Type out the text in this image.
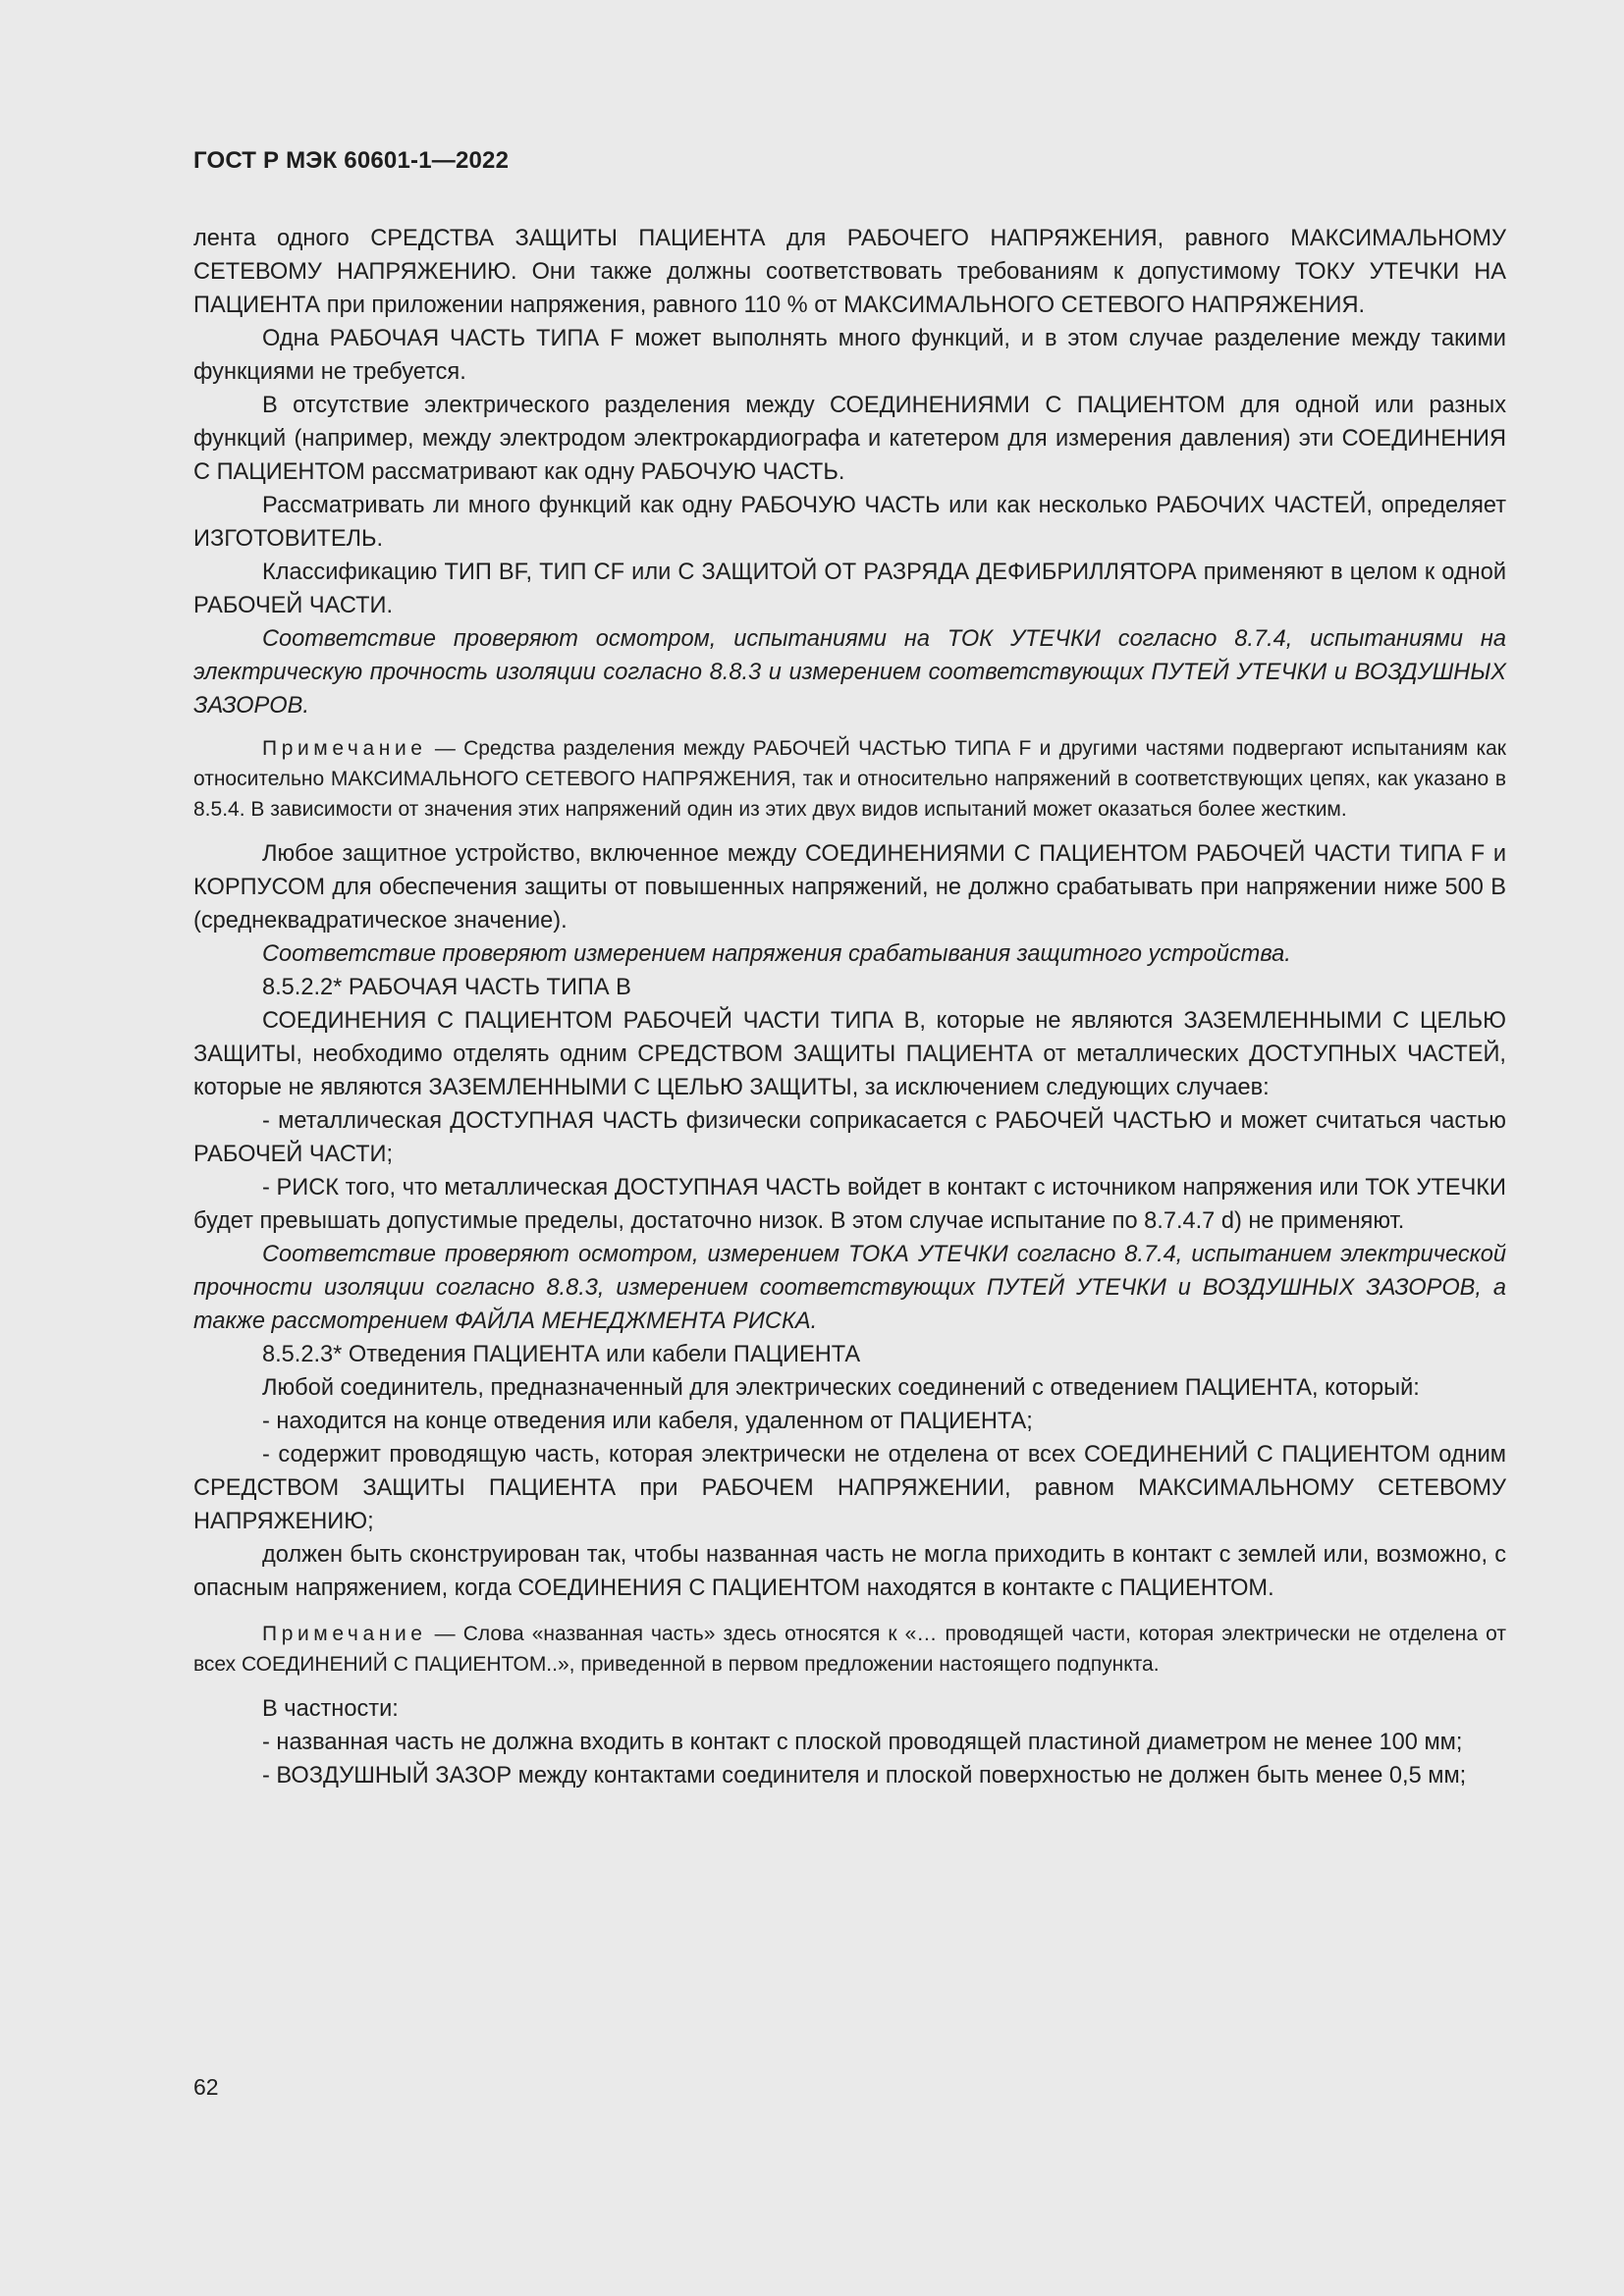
ГОСТ Р МЭК 60601-1—2022

лента одного СРЕДСТВА ЗАЩИТЫ ПАЦИЕНТА для РАБОЧЕГО НАПРЯЖЕНИЯ, равного МАКСИМАЛЬНОМУ СЕТЕВОМУ НАПРЯЖЕНИЮ. Они также должны соответствовать требованиям к допустимому ТОКУ УТЕЧКИ НА ПАЦИЕНТА при приложении напряжения, равного 110 % от МАКСИМАЛЬНОГО СЕТЕВОГО НАПРЯЖЕНИЯ.

Одна РАБОЧАЯ ЧАСТЬ ТИПА F может выполнять много функций, и в этом случае разделение между такими функциями не требуется.

В отсутствие электрического разделения между СОЕДИНЕНИЯМИ С ПАЦИЕНТОМ для одной или разных функций (например, между электродом электрокардиографа и катетером для измерения давления) эти СОЕДИНЕНИЯ С ПАЦИЕНТОМ рассматривают как одну РАБОЧУЮ ЧАСТЬ.

Рассматривать ли много функций как одну РАБОЧУЮ ЧАСТЬ или как несколько РАБОЧИХ ЧАСТЕЙ, определяет ИЗГОТОВИТЕЛЬ.

Классификацию ТИП BF, ТИП CF или С ЗАЩИТОЙ ОТ РАЗРЯДА ДЕФИБРИЛЛЯТОРА применяют в целом к одной РАБОЧЕЙ ЧАСТИ.

Соответствие проверяют осмотром, испытаниями на ТОК УТЕЧКИ согласно 8.7.4, испытаниями на электрическую прочность изоляции согласно 8.8.3 и измерением соответствующих ПУТЕЙ УТЕЧКИ и ВОЗДУШНЫХ ЗАЗОРОВ.

Примечание — Средства разделения между РАБОЧЕЙ ЧАСТЬЮ ТИПА F и другими частями подвергают испытаниям как относительно МАКСИМАЛЬНОГО СЕТЕВОГО НАПРЯЖЕНИЯ, так и относительно напряжений в соответствующих цепях, как указано в 8.5.4. В зависимости от значения этих напряжений один из этих двух видов испытаний может оказаться более жестким.

Любое защитное устройство, включенное между СОЕДИНЕНИЯМИ С ПАЦИЕНТОМ РАБОЧЕЙ ЧАСТИ ТИПА F и КОРПУСОМ для обеспечения защиты от повышенных напряжений, не должно срабатывать при напряжении ниже 500 В (среднеквадратическое значение).

Соответствие проверяют измерением напряжения срабатывания защитного устройства.

8.5.2.2* РАБОЧАЯ ЧАСТЬ ТИПА В

СОЕДИНЕНИЯ С ПАЦИЕНТОМ РАБОЧЕЙ ЧАСТИ ТИПА В, которые не являются ЗАЗЕМЛЕННЫМИ С ЦЕЛЬЮ ЗАЩИТЫ, необходимо отделять одним СРЕДСТВОМ ЗАЩИТЫ ПАЦИЕНТА от металлических ДОСТУПНЫХ ЧАСТЕЙ, которые не являются ЗАЗЕМЛЕННЫМИ С ЦЕЛЬЮ ЗАЩИТЫ, за исключением следующих случаев:

- металлическая ДОСТУПНАЯ ЧАСТЬ физически соприкасается с РАБОЧЕЙ ЧАСТЬЮ и может считаться частью РАБОЧЕЙ ЧАСТИ;

- РИСК того, что металлическая ДОСТУПНАЯ ЧАСТЬ войдет в контакт с источником напряжения или ТОК УТЕЧКИ будет превышать допустимые пределы, достаточно низок. В этом случае испытание по 8.7.4.7 d) не применяют.

Соответствие проверяют осмотром, измерением ТОКА УТЕЧКИ согласно 8.7.4, испытанием электрической прочности изоляции согласно 8.8.3, измерением соответствующих ПУТЕЙ УТЕЧКИ и ВОЗДУШНЫХ ЗАЗОРОВ, а также рассмотрением ФАЙЛА МЕНЕДЖМЕНТА РИСКА.

8.5.2.3* Отведения ПАЦИЕНТА или кабели ПАЦИЕНТА

Любой соединитель, предназначенный для электрических соединений с отведением ПАЦИЕНТА, который:

- находится на конце отведения или кабеля, удаленном от ПАЦИЕНТА;

- содержит проводящую часть, которая электрически не отделена от всех СОЕДИНЕНИЙ С ПАЦИЕНТОМ одним СРЕДСТВОМ ЗАЩИТЫ ПАЦИЕНТА при РАБОЧЕМ НАПРЯЖЕНИИ, равном МАКСИМАЛЬНОМУ СЕТЕВОМУ НАПРЯЖЕНИЮ;

должен быть сконструирован так, чтобы названная часть не могла приходить в контакт с землей или, возможно, с опасным напряжением, когда СОЕДИНЕНИЯ С ПАЦИЕНТОМ находятся в контакте с ПАЦИЕНТОМ.

Примечание — Слова «названная часть» здесь относятся к «… проводящей части, которая электрически не отделена от всех СОЕДИНЕНИЙ С ПАЦИЕНТОМ..», приведенной в первом предложении настоящего подпункта.

В частности:

- названная часть не должна входить в контакт с плоской проводящей пластиной диаметром не менее 100 мм;

- ВОЗДУШНЫЙ ЗАЗОР между контактами соединителя и плоской поверхностью не должен быть менее 0,5 мм;

62
